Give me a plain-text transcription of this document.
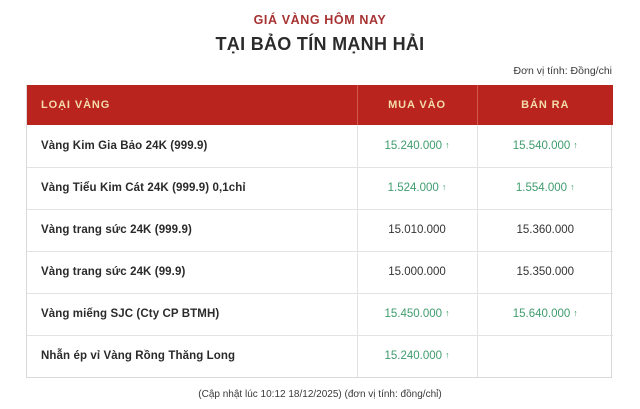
GIÁ VÀNG HÔM NAY
TẠI BẢO TÍN MẠNH HẢI
Đơn vị tính: Đồng/chi
LOẠI VÀNG	MUA VÀO	BÁN RA
Vàng Kim Gia Bảo 24K (999.9)	15.240.000 ↑	15.540.000 ↑
Vàng Tiểu Kim Cát 24K (999.9) 0,1chỉ	1.524.000 ↑	1.554.000 ↑
Vàng trang sức 24K (999.9)	15.010.000	15.360.000
Vàng trang sức 24K (99.9)	15.000.000	15.350.000
Vàng miếng SJC (Cty CP BTMH)	15.450.000 ↑	15.640.000 ↑
Nhẫn ép vỉ Vàng Rồng Thăng Long	15.240.000 ↑	
(Cập nhật lúc 10:12 18/12/2025) (đơn vị tính: đồng/chỉ)
